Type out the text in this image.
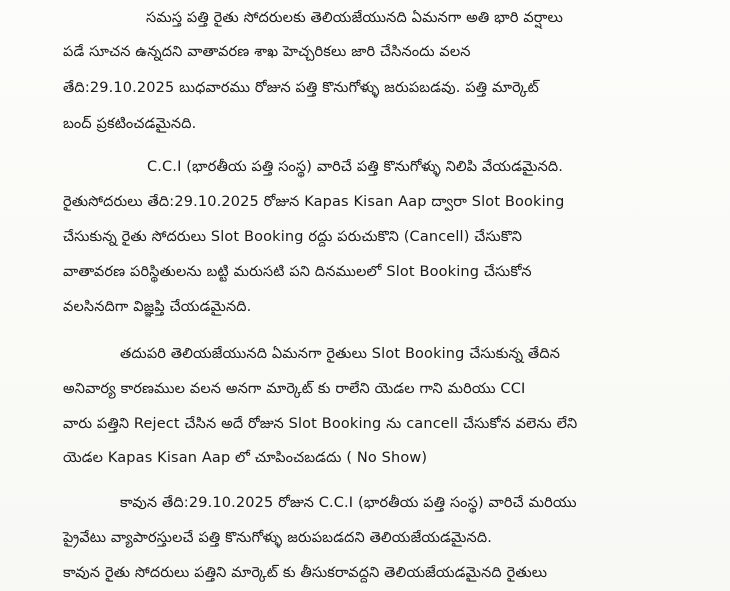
సమస్త పత్తి రైతు సోదరులకు తెలియజేయునది ఏమనగా అతి భారి వర్షాలు
పడే సూచన ఉన్నదని వాతావరణ శాఖ హెచ్చరికలు జారి చేసినందు వలన
తేది:29.10.2025 బుధవారము రోజున పత్తి కొనుగోళ్ళు జరుపబడవు. పత్తి మార్కెట్
బంద్ ప్రకటించడమైనది.
C.C.I (భారతీయ పత్తి సంస్థ) వారిచే పత్తి కొనుగోళ్ళు నిలిపి వేయడమైనది.
రైతుసోదరులు తేది:29.10.2025 రోజున Kapas Kisan Aap ద్వారా Slot Booking
చేసుకున్న రైతు సోదరులు Slot Booking రద్దు పరుచుకొని (Cancell) చేసుకొని
వాతావరణ పరిస్థితులను బట్టి మరుసటి పని దినములలో Slot Booking చేసుకోన
వలసినదిగా విజ్ఞప్తి చేయడమైనది.
తదుపరి తెలియజేయునది ఏమనగా రైతులు Slot Booking చేసుకున్న తేదిన
అనివార్య కారణముల వలన అనగా మార్కెట్ కు రాలేని యెడల గాని మరియు CCI
వారు పత్తిని Reject చేసిన అదే రోజున Slot Booking ను cancell చేసుకోన వలెను లేని
యెడల Kapas Kisan Aap లో చూపించబడదు ( No Show)
కావున తేది:29.10.2025 రోజున C.C.I (భారతీయ పత్తి సంస్థ) వారిచే మరియు
ప్రైవేటు వ్యాపారస్తులచే పత్తి కొనుగోళ్ళు జరుపబడదని తెలియజేయడమైనది.
కావున రైతు సోదరులు పత్తిని మార్కెట్ కు తీసుకరావద్దని తెలియజేయడమైనది రైతులు
